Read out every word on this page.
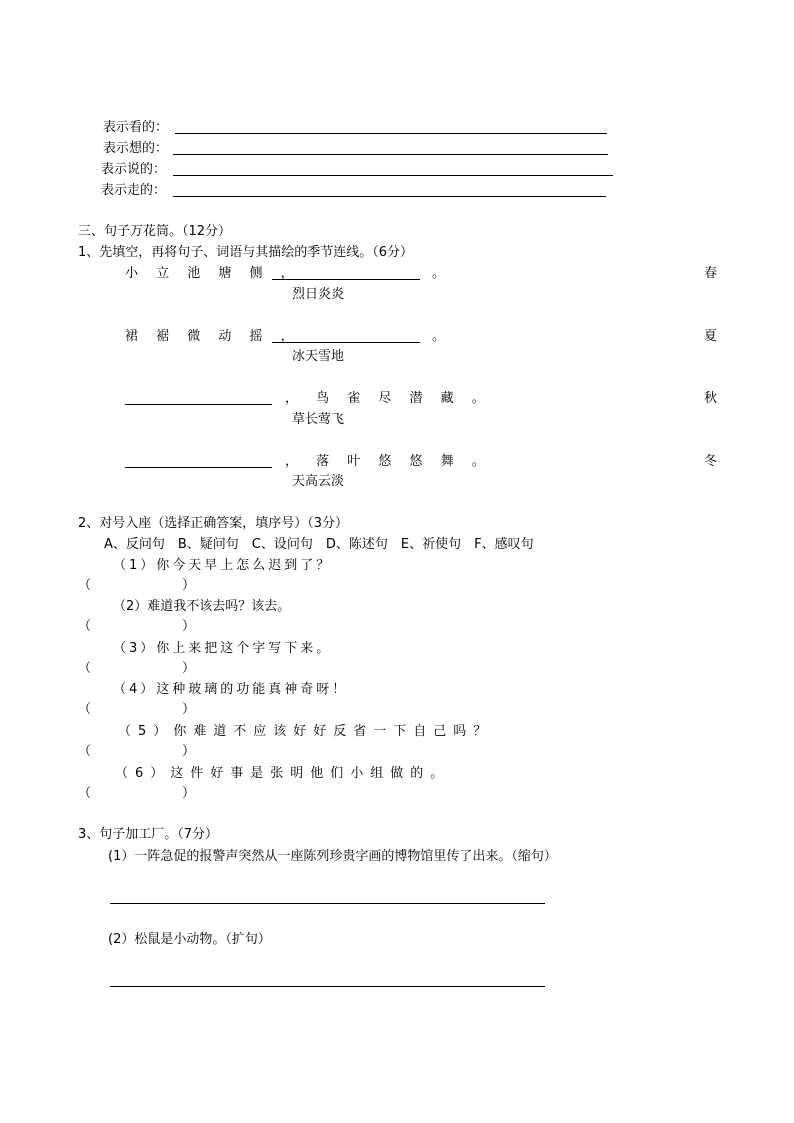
表示看的：
表示想的：
表示说的：
表示走的：
三、句子万花筒。（12分）
1、先填空，再将句子、词语与其描绘的季节连线。（6分）
小 立 池 塘 侧 ，	。	春
烈日炎炎
裙 裾 微 动 摇 ，	。	夏
冰天雪地
， 鸟 雀 尽 潜 藏 。	秋
草长莺飞
， 落 叶 悠 悠 舞 。	冬
天高云淡
2、对号入座（选择正确答案，填序号）（3分）
A、反问句　B、疑问句　C、设问句　D、陈述句　E、祈使句　F、感叹句
（1）你今天早上怎么迟到了？
（　　　　　　　）
（2）难道我不该去吗？该去。
（　　　　　　　）
（3）你上来把这个字写下来。
（　　　　　　　）
（4）这种玻璃的功能真神奇呀！
（　　　　　　　）
（5）你难道不应该好好反省一下自己吗？
（　　　　　　　）
（6）这件好事是张明他们小组做的。
（　　　　　　　）
3、句子加工厂。（7分）
(1）一阵急促的报警声突然从一座陈列珍贵字画的博物馆里传了出来。（缩句）
(2）松鼠是小动物。（扩句）
